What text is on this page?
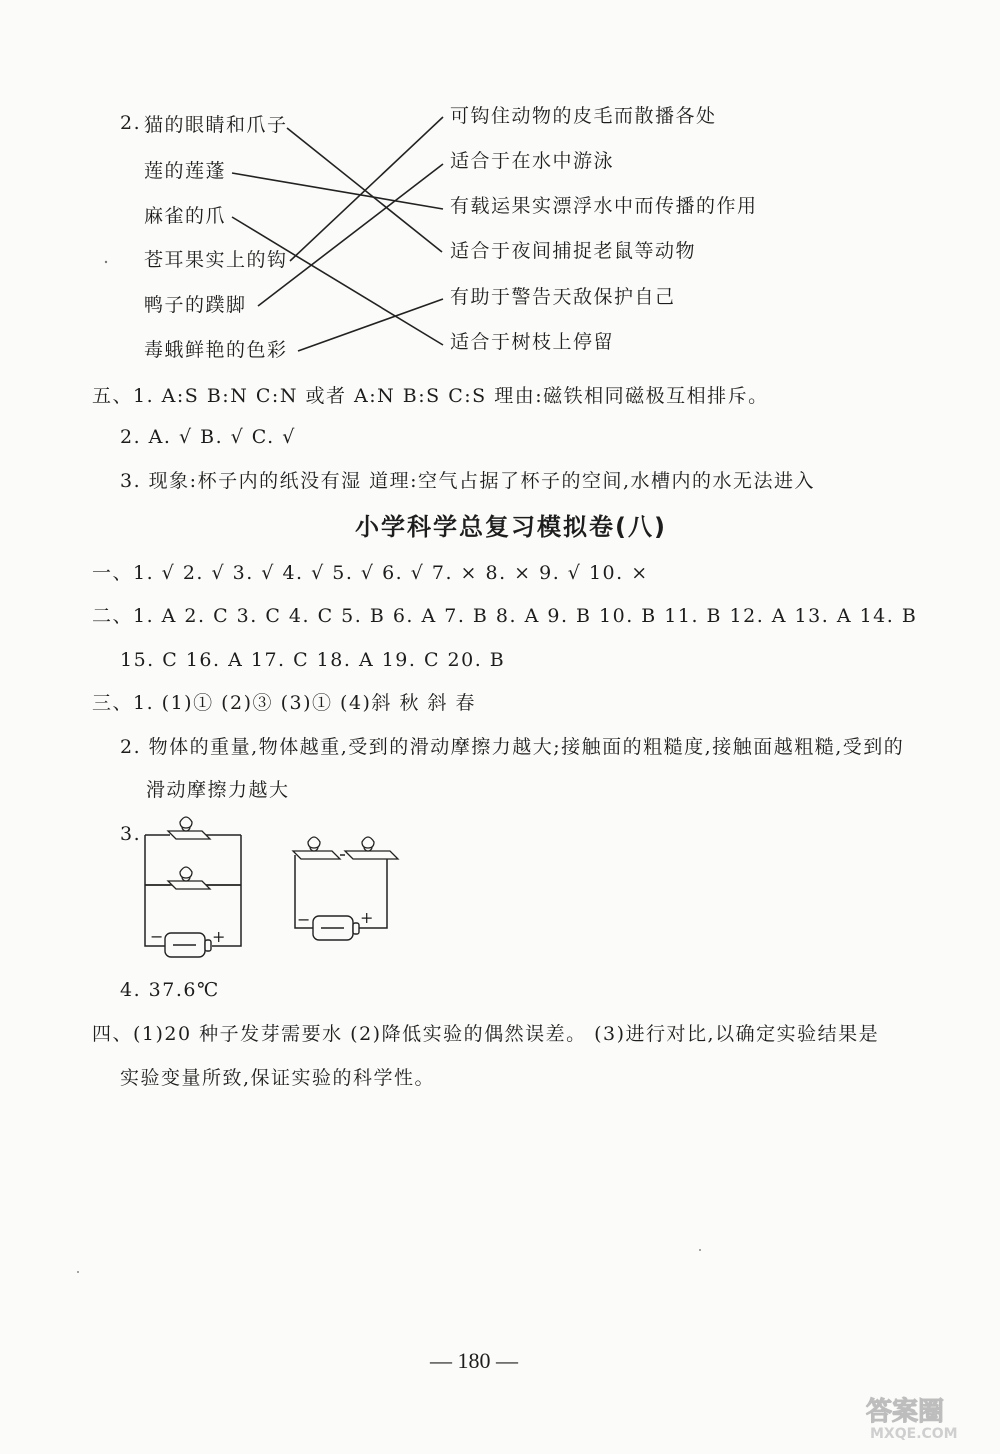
2. 猫的眼睛和爪子
莲的莲蓬
麻雀的爪
苍耳果实上的钩
鸭子的蹼脚
毒蛾鲜艳的色彩
可钩住动物的皮毛而散播各处
适合于在水中游泳
有载运果实漂浮水中而传播的作用
适合于夜间捕捉老鼠等动物
有助于警告天敌保护自己
适合于树枝上停留
五、1. A:S B:N C:N 或者 A:N B:S C:S 理由:磁铁相同磁极互相排斥。
2. A. √ B. √ C. √
3. 现象:杯子内的纸没有湿 道理:空气占据了杯子的空间,水槽内的水无法进入
小学科学总复习模拟卷(八)
一、1. √ 2. √ 3. √ 4. √ 5. √ 6. √ 7. × 8. × 9. √ 10. ×
二、1. A 2. C 3. C 4. C 5. B 6. A 7. B 8. A 9. B 10. B 11. B 12. A 13. A 14. B
15. C 16. A 17. C 18. A 19. C 20. B
三、1. (1)① (2)③ (3)① (4)斜 秋 斜 春
2. 物体的重量,物体越重,受到的滑动摩擦力越大;接触面的粗糙度,接触面越粗糙,受到的
滑动摩擦力越大
3.
−	+
−	+
4. 37.6℃
四、(1)20 种子发芽需要水 (2)降低实验的偶然误差。 (3)进行对比,以确定实验结果是
实验变量所致,保证实验的科学性。
— 180 —
答案圈
MXQE.COM
